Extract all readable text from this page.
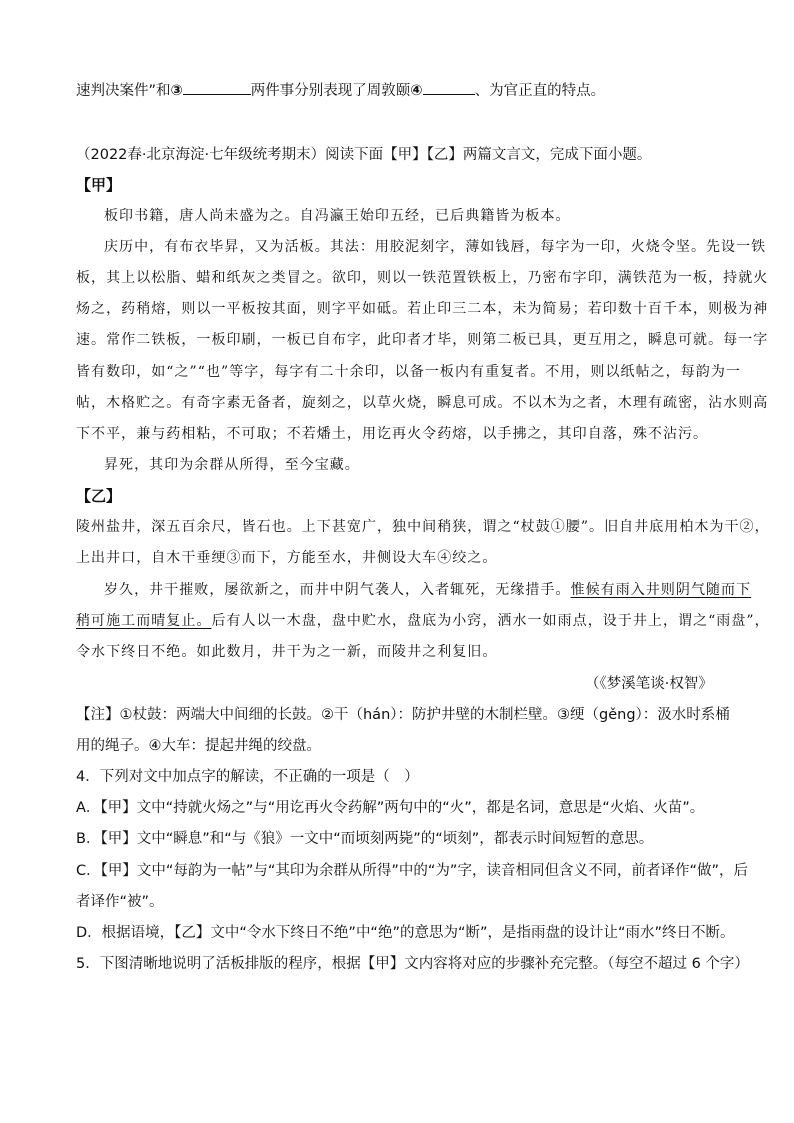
速判决案件”和③	两件事分别表现了周敦颐④	、为官正直的特点。
（2022春·北京海淀·七年级统考期末）阅读下面【甲】【乙】两篇文言文，完成下面小题。
【甲】
板印书籍，唐人尚未盛为之。自冯瀛王始印五经，已后典籍皆为板本。
庆历中，有布衣毕昇，又为活板。其法：用胶泥刻字，薄如钱唇，每字为一印，火烧令坚。先设一铁
板，其上以松脂、蜡和纸灰之类冒之。欲印，则以一铁范置铁板上，乃密布字印，满铁范为一板，持就火
炀之，药稍熔，则以一平板按其面，则字平如砥。若止印三二本，未为简易；若印数十百千本，则极为神
速。常作二铁板，一板印刷，一板已自布字，此印者才毕，则第二板已具，更互用之，瞬息可就。每一字
皆有数印，如“之”“也”等字，每字有二十余印，以备一板内有重复者。不用，则以纸帖之，每韵为一
帖，木格贮之。有奇字素无备者，旋刻之，以草火烧，瞬息可成。不以木为之者，木理有疏密，沾水则高
下不平，兼与药相粘，不可取；不若燔土，用讫再火令药熔，以手拂之，其印自落，殊不沾污。
昇死，其印为余群从所得，至今宝藏。
【乙】
陵州盐井，深五百余尺，皆石也。上下甚宽广，独中间稍狭，谓之“杖鼓①腰”。旧自井底用柏木为干②，
上出井口，自木干垂绠③而下，方能至水，井侧设大车④绞之。
岁久，井干摧败，屡欲新之，而井中阴气袭人，入者辄死，无缘措手。惟候有雨入井则阴气随而下
稍可施工而晴复止。后有人以一木盘，盘中贮水，盘底为小窍，洒水一如雨点，设于井上，谓之“雨盘”，
令水下终日不绝。如此数月，井干为之一新，而陵井之利复旧。
（《梦溪笔谈·权智》
【注】①杖鼓：两端大中间细的长鼓。②干（hán）：防护井壁的木制栏壁。③绠（gěng）：汲水时系桶
用的绳子。④大车：提起井绳的绞盘。
4．下列对文中加点字的解读，不正确的一项是（　）
A．【甲】文中“持就火炀之”与“用讫再火令药解”两句中的“火”，都是名词，意思是“火焰、火苗”。
B．【甲】文中“瞬息”和“与《狼》一文中“而顷刻两毙”的“顷刻”，都表示时间短暂的意思。
C．【甲】文中“每韵为一帖”与“其印为余群从所得”中的“为”字，读音相同但含义不同，前者译作“做”，后
者译作“被”。
D．根据语境，【乙】文中“令水下终日不绝”中“绝”的意思为“断”，是指雨盘的设计让“雨水”终日不断。
5．下图清晰地说明了活板排版的程序，根据【甲】文内容将对应的步骤补充完整。（每空不超过 6 个字）
